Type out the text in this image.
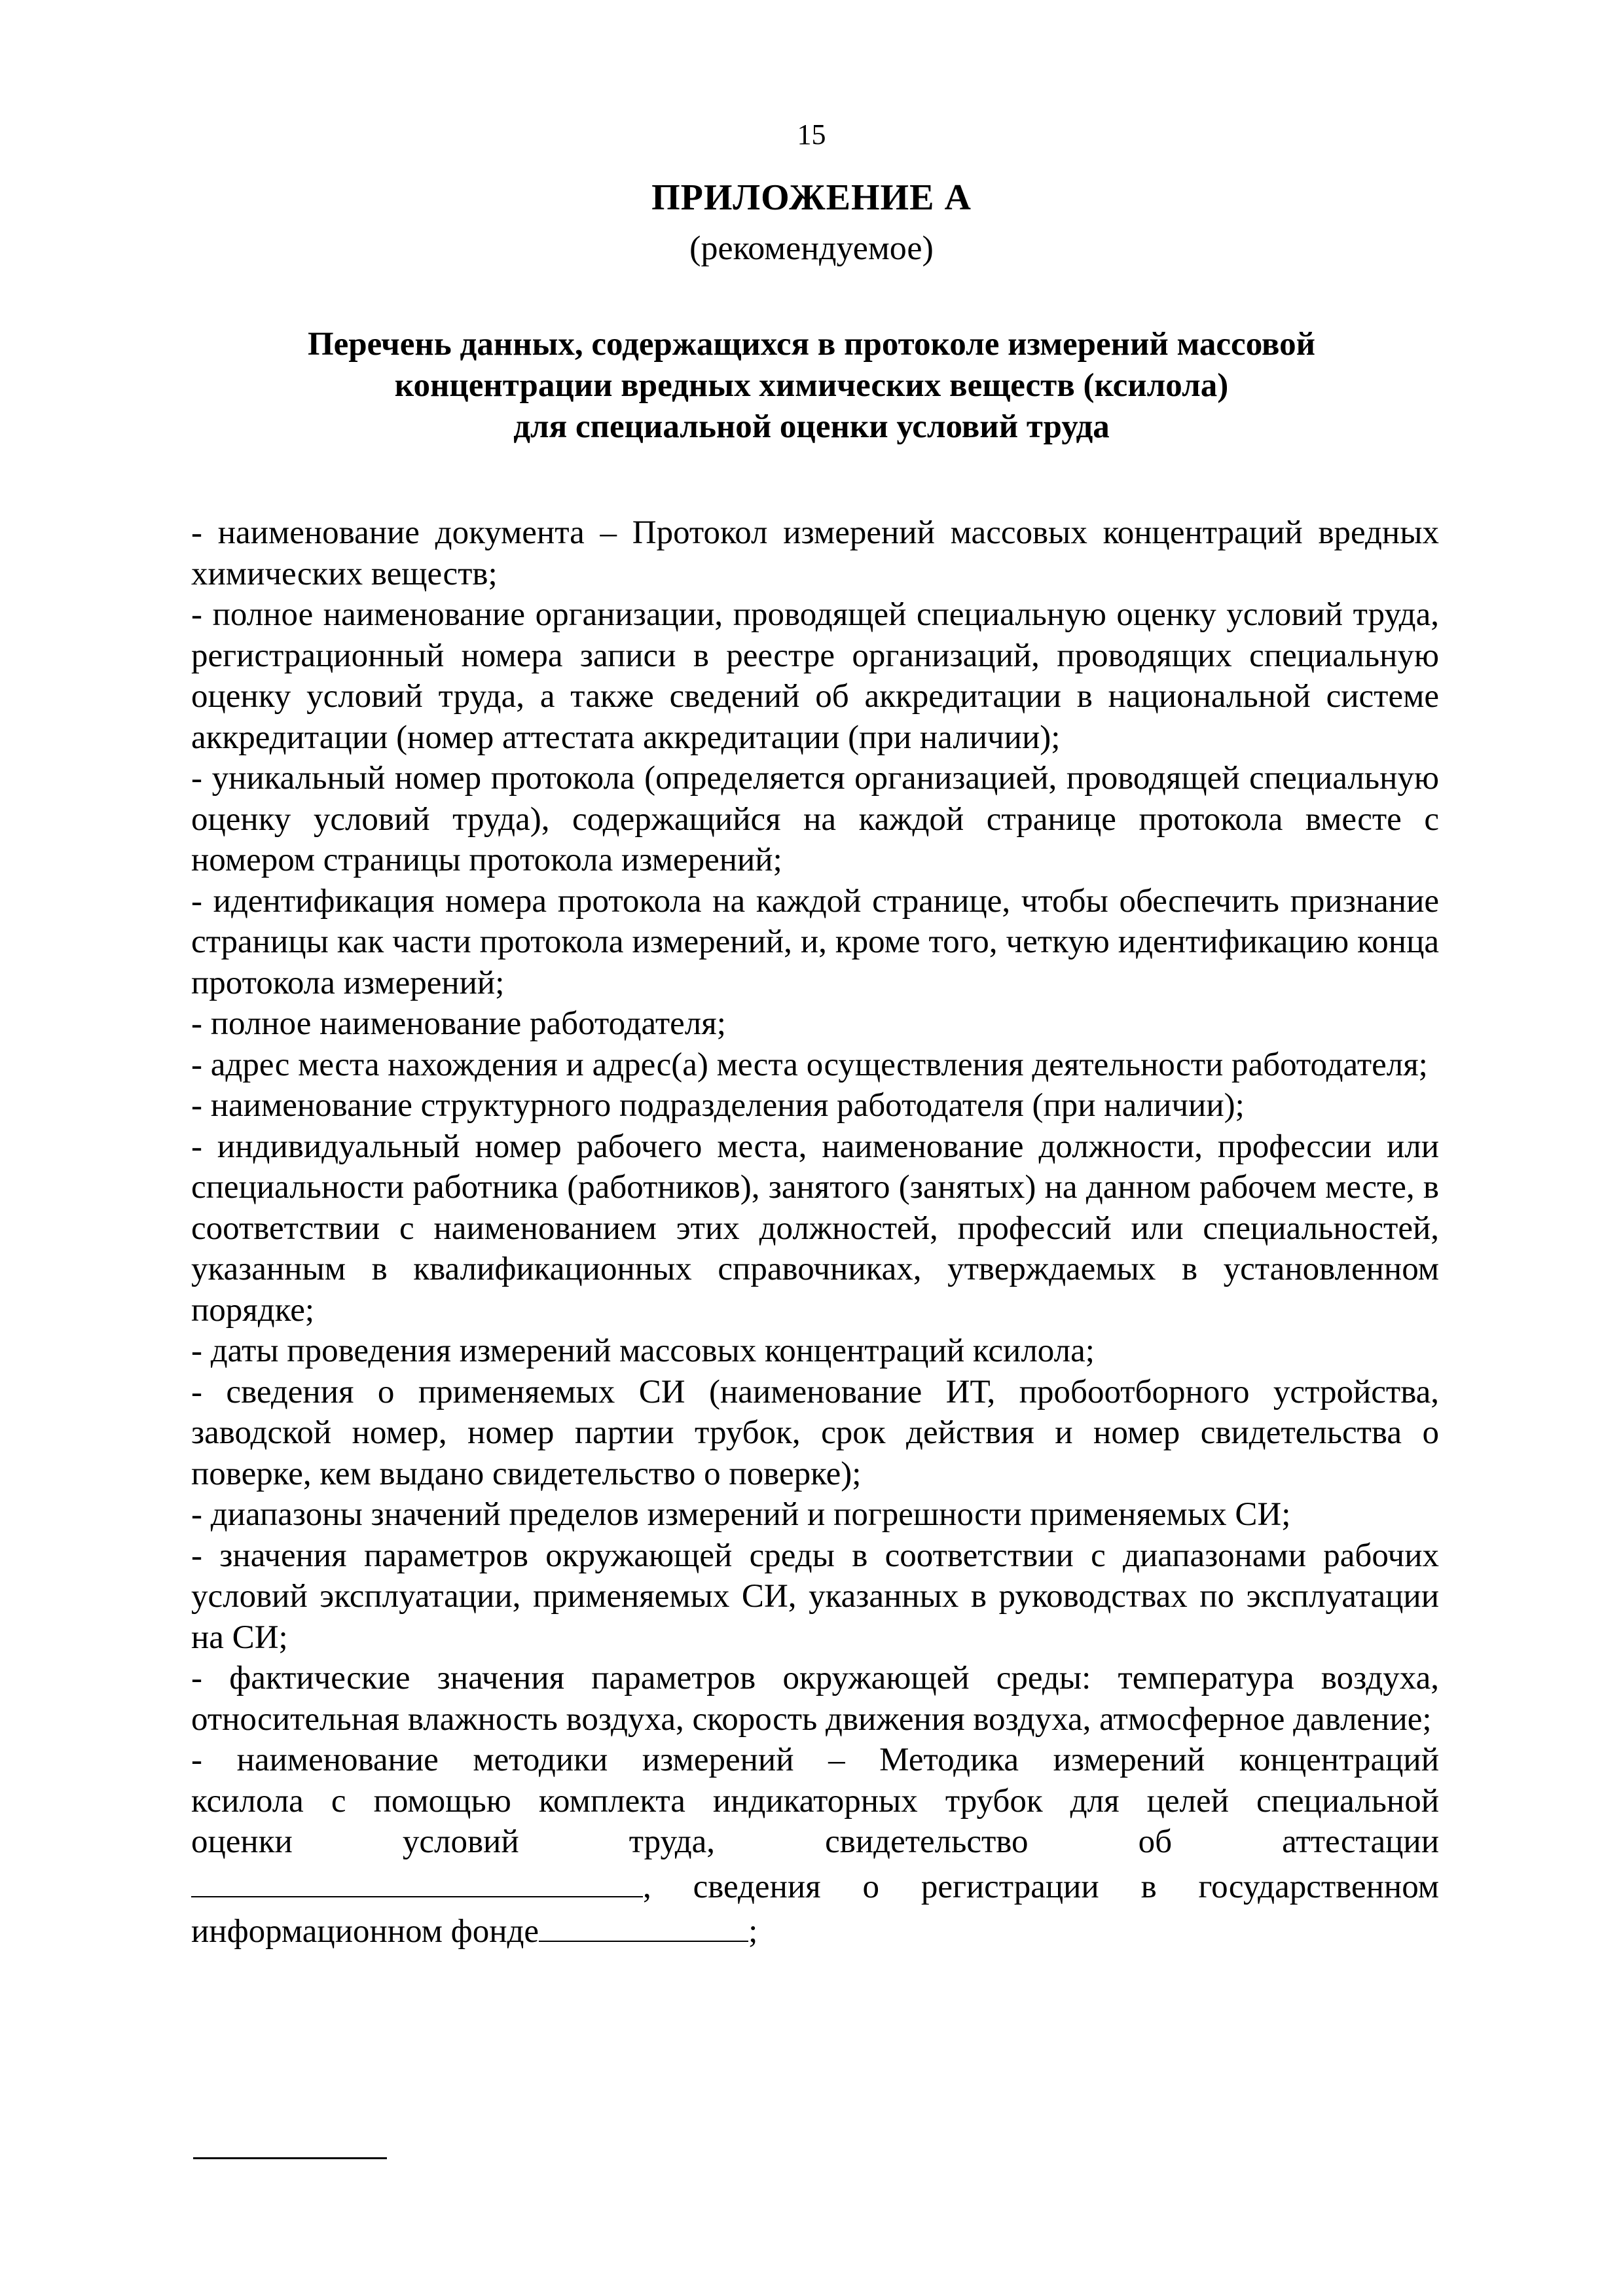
15
ПРИЛОЖЕНИЕ А
(рекомендуемое)
Перечень данных, содержащихся в протоколе измерений массовой
концентрации вредных химических веществ (ксилола)
для специальной оценки условий труда
- наименование документа – Протокол измерений массовых концентраций вредных химических веществ;
- полное наименование организации, проводящей специальную оценку условий труда, регистрационный номера записи в реестре организаций, проводящих специальную оценку условий труда, а также сведений об аккредитации в национальной системе аккредитации (номер аттестата аккредитации (при наличии);
- уникальный номер протокола (определяется организацией, проводящей специальную оценку условий труда), содержащийся на каждой странице протокола вместе с номером страницы протокола измерений;
- идентификация номера протокола на каждой странице, чтобы обеспечить признание страницы как части протокола измерений, и, кроме того, четкую идентификацию конца протокола измерений;
- полное наименование работодателя;
- адрес места нахождения и адрес(а) места осуществления деятельности работодателя;
- наименование структурного подразделения работодателя (при наличии);
- индивидуальный номер рабочего места, наименование должности, профессии или специальности работника (работников), занятого (занятых) на данном рабочем месте, в соответствии с наименованием этих должностей, профессий или специальностей, указанным в квалификационных справочниках, утверждаемых в установленном порядке;
- даты проведения измерений массовых концентраций ксилола;
- сведения о применяемых СИ (наименование ИТ, пробоотборного устройства, заводской номер, номер партии трубок, срок действия и номер свидетельства о поверке, кем выдано свидетельство о поверке);
- диапазоны значений пределов измерений и погрешности применяемых СИ;
- значения параметров окружающей среды в соответствии с диапазонами рабочих условий эксплуатации, применяемых СИ, указанных в руководствах по эксплуатации на СИ;
- фактические значения параметров окружающей среды: температура воздуха, относительная влажность воздуха, скорость движения воздуха, атмосферное давление;
- наименование методики измерений – Методика измерений концентраций
ксилола с помощью комплекта индикаторных трубок для целей специальной
оценки условий труда, свидетельство об аттестации
, сведения о регистрации в государственном
информационном фонде	;
